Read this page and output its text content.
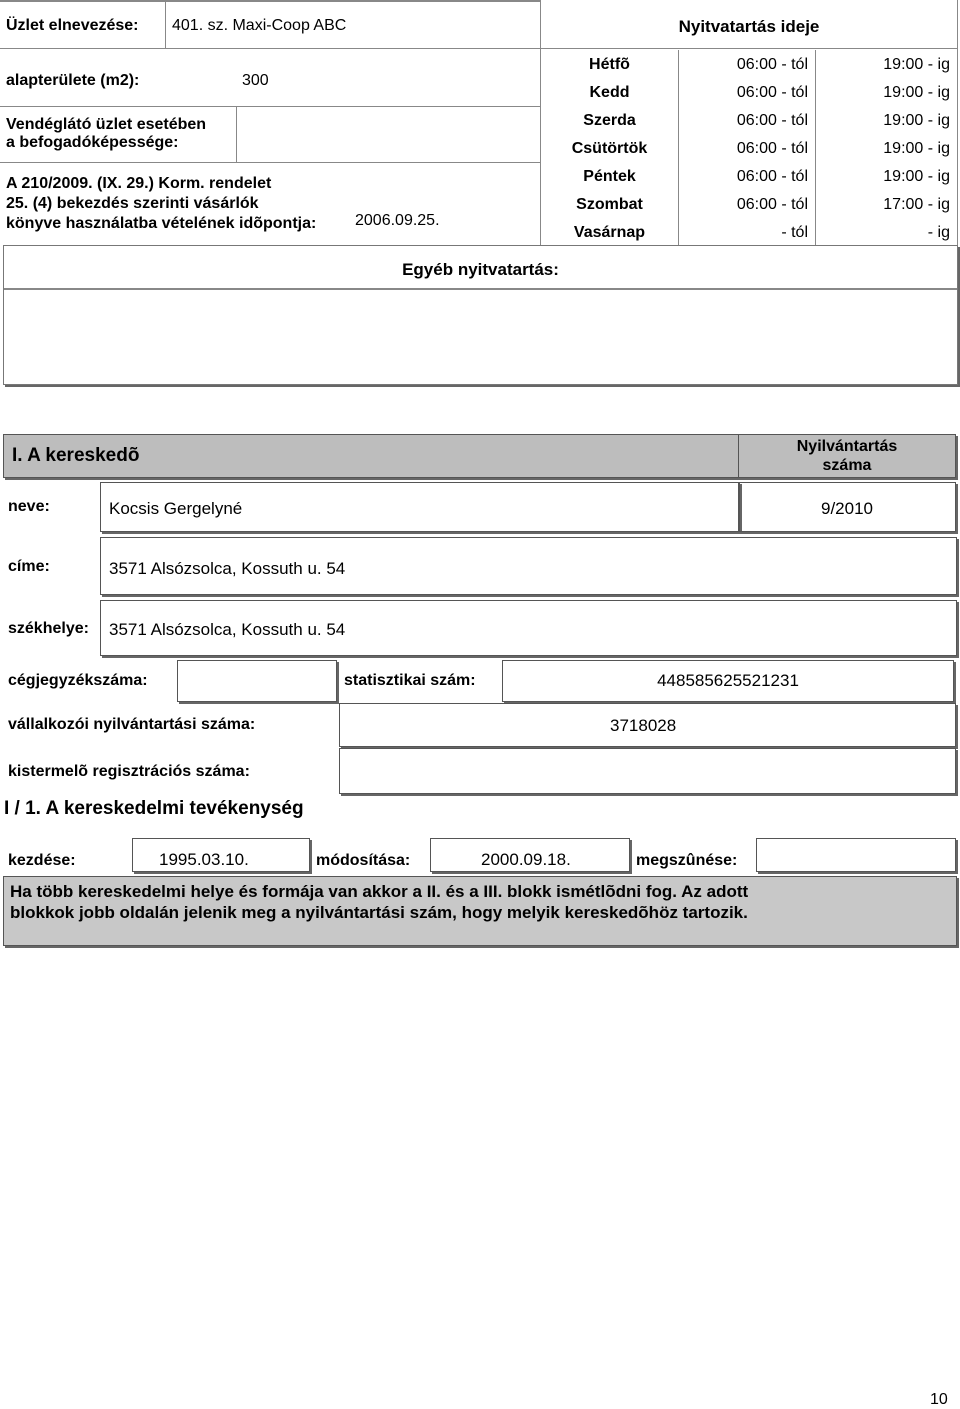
Üzlet elnevezése: 401. sz. Maxi-Coop ABC
alapterülete (m2):	300
Vendéglátó üzlet esetében
a befogadóképessége:
A 210/2009. (IX. 29.) Korm. rendelet
25. (4) bekezdés szerinti vásárlók
könyve használatba vételének idõpontja: 2006.09.25.
Nyitvatartás ideje
Hétfõ	06:00 - tól	19:00 - ig
Kedd	06:00 - tól	19:00 - ig
Szerda	06:00 - tól	19:00 - ig
Csütörtök	06:00 - tól	19:00 - ig
Péntek	06:00 - tól	19:00 - ig
Szombat	06:00 - tól	17:00 - ig
Vasárnap	- tól	- ig
Egyéb nyitvatartás:
I. A kereskedõ	Nyilvántartás
száma
neve:	Kocsis Gergelyné	9/2010
címe:	3571 Alsózsolca, Kossuth u. 54
székhelye: 3571 Alsózsolca, Kossuth u. 54
cégjegyzékszáma:	statisztikai szám:	448585625521231
vállalkozói nyilvántartási száma:	3718028
kistermelõ regisztrációs száma:
I / 1. A kereskedelmi tevékenység
kezdése:	1995.03.10.	módosítása:	2000.09.18.	megszûnése:
Ha több kereskedelmi helye és formája van akkor a II. és a III. blokk ismétlõdni fog. Az adott blokkok jobb oldalán jelenik meg a nyilvántartási szám, hogy melyik kereskedõhöz tartozik.
10
